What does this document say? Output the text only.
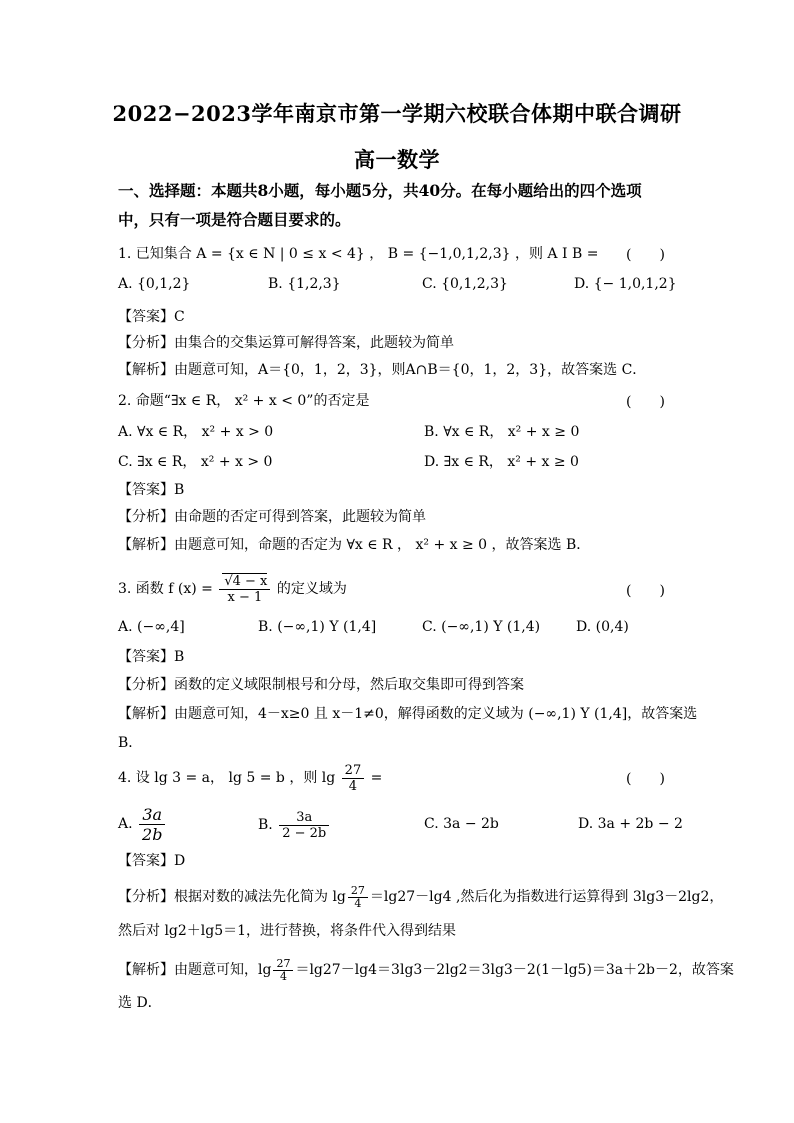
2022−2023学年南京市第一学期六校联合体期中联合调研
高一数学
一、选择题：本题共8小题，每小题5分，共40分。在每小题给出的四个选项
中，只有一项是符合题目要求的。
1. 已知集合 A = {x ∈ N | 0 ≤ x < 4} ， B = {−1,0,1,2,3} ，则 A I B = (　　)
A. {0,1,2}	B. {1,2,3}	C. {0,1,2,3}	D. {− 1,0,1,2}
【答案】C
【分析】由集合的交集运算可解得答案，此题较为简单
【解析】由题意可知，A＝{0，1，2，3}，则A∩B＝{0，1，2，3}，故答案选 C．
2. 命题“∃x ∈ R， x² + x < 0”的否定是	(　　)
A. ∀x ∈ R， x² + x > 0	B. ∀x ∈ R， x² + x ≥ 0
C. ∃x ∈ R， x² + x > 0	D. ∃x ∈ R， x² + x ≥ 0
【答案】B
【分析】由命题的否定可得到答案，此题较为简单
【解析】由题意可知，命题的否定为 ∀x ∈ R ， x² + x ≥ 0 ，故答案选 B．
3. 函数 f $(x) = \frac{√4 - x}{x - 1}$ 的定义域为	(　　)
A. (−∞,4]	B. (−∞,1) Y (1,4]	C. (−∞,1) Y (1,4)	D. (0,4)
【答案】B
【分析】函数的定义域限制根号和分母，然后取交集即可得到答案
【解析】由题意可知，4－x≥0 且 x－1≠0，解得函数的定义域为 (−∞,1) Y (1,4]，故答案选
B．
4. 设 lg 3 = a， lg 5 = b ，则 $\lg \frac{27}{4}$ =	(　　)
A. $\frac{3a}{2b}$	B. $\frac{3a}{2 - 2b}$	C. 3a − 2b	D. 3a + 2b − 2
【答案】D
【分析】根据对数的减法先化简为 $\lg \frac{27}{4} =\lg 27-\lg 4$ ,然后化为指数进行运算得到 3lg3－2lg2，
然后对 lg2＋lg5＝1，进行替换，将条件代入得到结果
【解析】由题意可知，$\lg \frac{27}{4} =\lg 27-\lg 4=3\lg 3-2\lg 2=3\lg 3-2(1-\lg 5)=3a+2b-2$，故答案
选 D．
